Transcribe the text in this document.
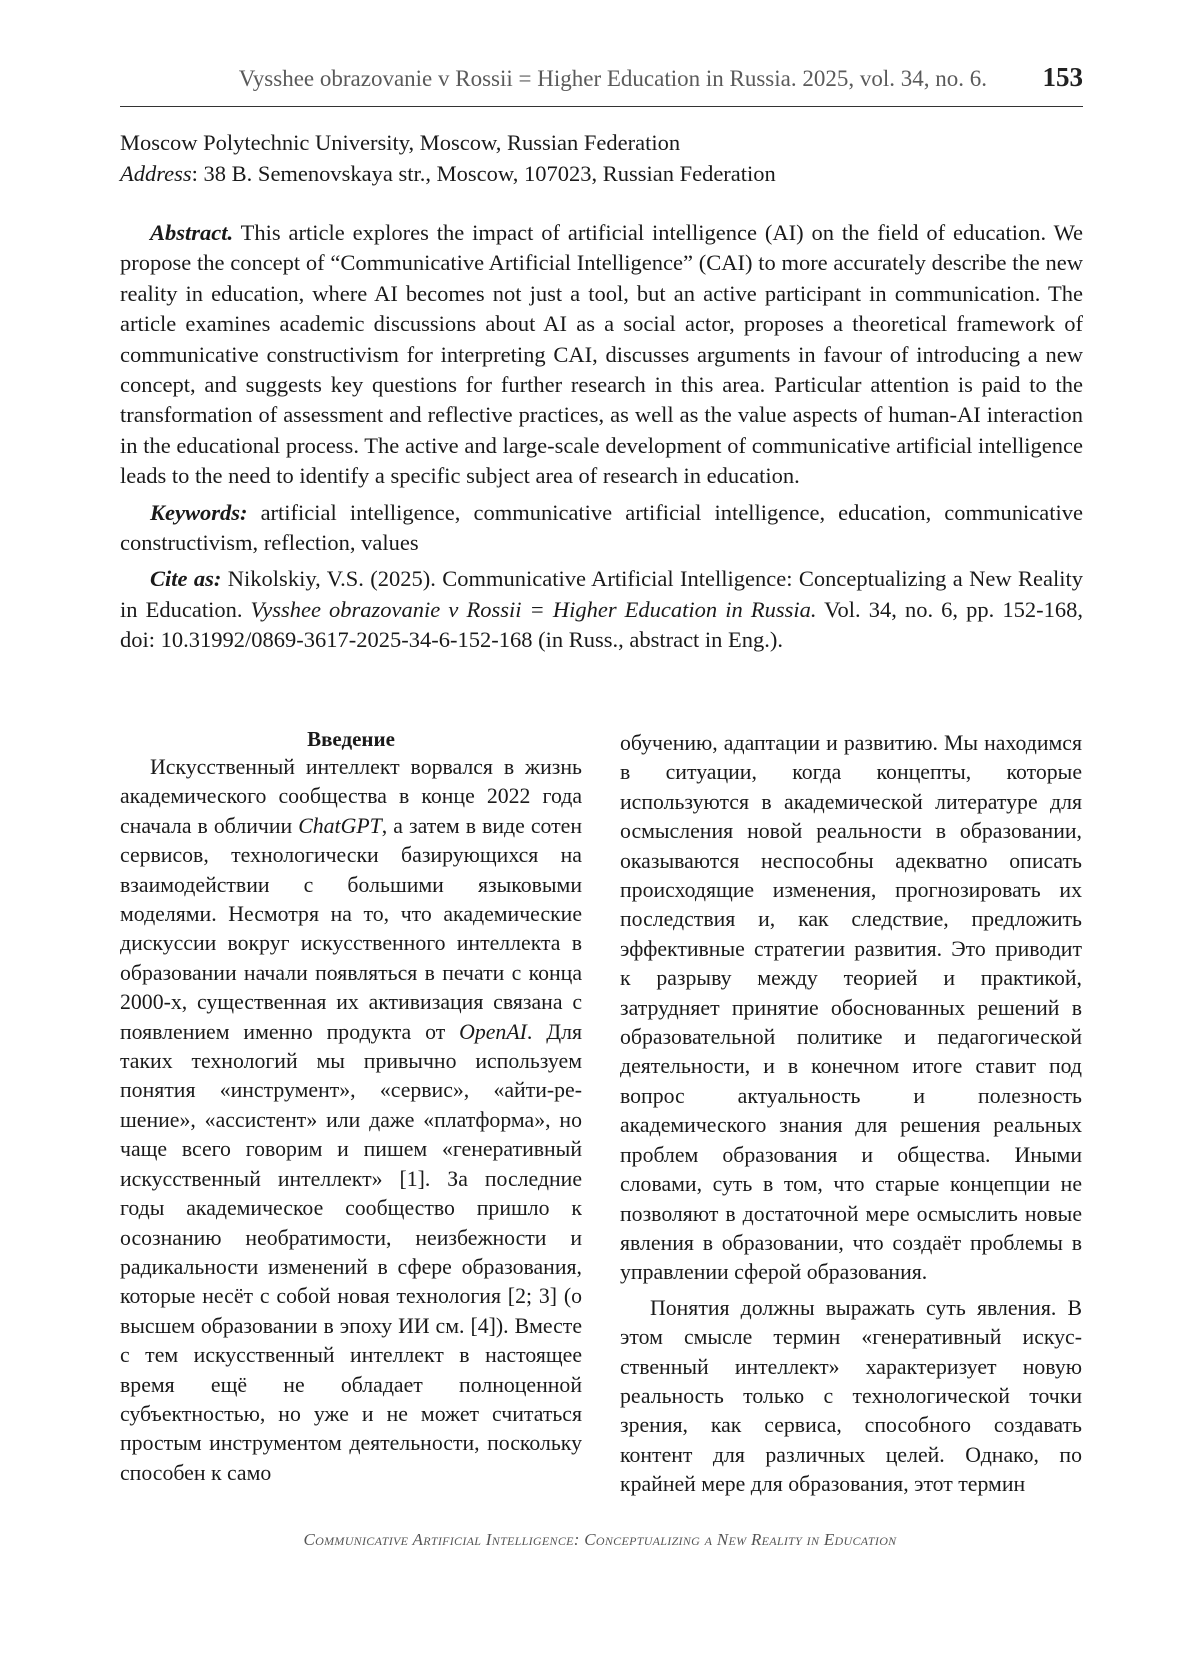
Vysshee obrazovanie v Rossii = Higher Education in Russia. 2025, vol. 34, no. 6. 153
Moscow Polytechnic University, Moscow, Russian Federation
Address: 38 B. Semenovskaya str., Moscow, 107023, Russian Federation

Abstract. This article explores the impact of artificial intelligence (AI) on the field of education. We propose the concept of “Communicative Artificial Intelligence” (CAI) to more accurately describe the new reality in education, where AI becomes not just a tool, but an active participant in communication. The article examines academic discussions about AI as a social actor, proposes a theoretical framework of communicative constructivism for interpreting CAI, discusses arguments in favour of introducing a new concept, and suggests key questions for further research in this area. Particular attention is paid to the transformation of assessment and reflective practices, as well as the value aspects of human-AI interaction in the educational process. The active and large-scale development of communicative artificial intelligence leads to the need to identify a specific subject area of research in education.

Keywords: artificial intelligence, communicative artificial intelligence, education, communicative constructivism, reflection, values

Cite as: Nikolskiy, V.S. (2025). Communicative Artificial Intelligence: Conceptualizing a New Reality in Education. Vysshee obrazovanie v Rossii = Higher Education in Russia. Vol. 34, no. 6, pp. 152-168, doi: 10.31992/0869-3617-2025-34-6-152-168 (in Russ., abstract in Eng.).

Введение

Искусственный интеллект ворвался в жизнь академического сообщества в конце 2022 года сначала в обличии ChatGPT, а затем в виде сотен сервисов, технологически базирующихся на взаимодействии с большими языковыми моделями. Несмотря на то, что академические дискуссии вокруг искусственного интеллекта в образовании начали появляться в печати с конца 2000-х, существенная их активизация связана с появлением именно продукта от OpenAI. Для таких технологий мы привычно используем понятия «инструмент», «сервис», «айти-решение», «ассистент» или даже «платформа», но чаще всего говорим и пишем «генеративный искусственный интеллект» [1]. За последние годы академическое сообщество пришло к осознанию необратимости, неизбежности и радикальности изменений в сфере образования, которые несёт с собой новая технология [2; 3] (о высшем образовании в эпоху ИИ см. [4]). Вместе с тем искусственный интеллект в настоящее время ещё не обладает полноценной субъектностью, но уже и не может считаться простым инструментом деятельности, поскольку способен к само

обучению, адаптации и развитию. Мы находимся в ситуации, когда концепты, которые используются в академической литературе для осмысления новой реальности в образовании, оказываются неспособны адекватно описать происходящие изменения, прогнозировать их последствия и, как следствие, предложить эффективные стратегии развития. Это приводит к разрыву между теорией и практикой, затрудняет принятие обоснованных решений в образовательной политике и педагогической деятельности, и в конечном итоге ставит под вопрос актуальность и полезность академического знания для решения реальных проблем образования и общества. Иными словами, суть в том, что старые концепции не позволяют в достаточной мере осмыслить новые явления в образовании, что создаёт проблемы в управлении сферой образования.

Понятия должны выражать суть явления. В этом смысле термин «генеративный искусственный интеллект» характеризует новую реальность только с технологической точки зрения, как сервиса, способного создавать контент для различных целей. Однако, по крайней мере для образования, этот термин

Communicative Artificial Intelligence: Conceptualizing a New Reality in Education
